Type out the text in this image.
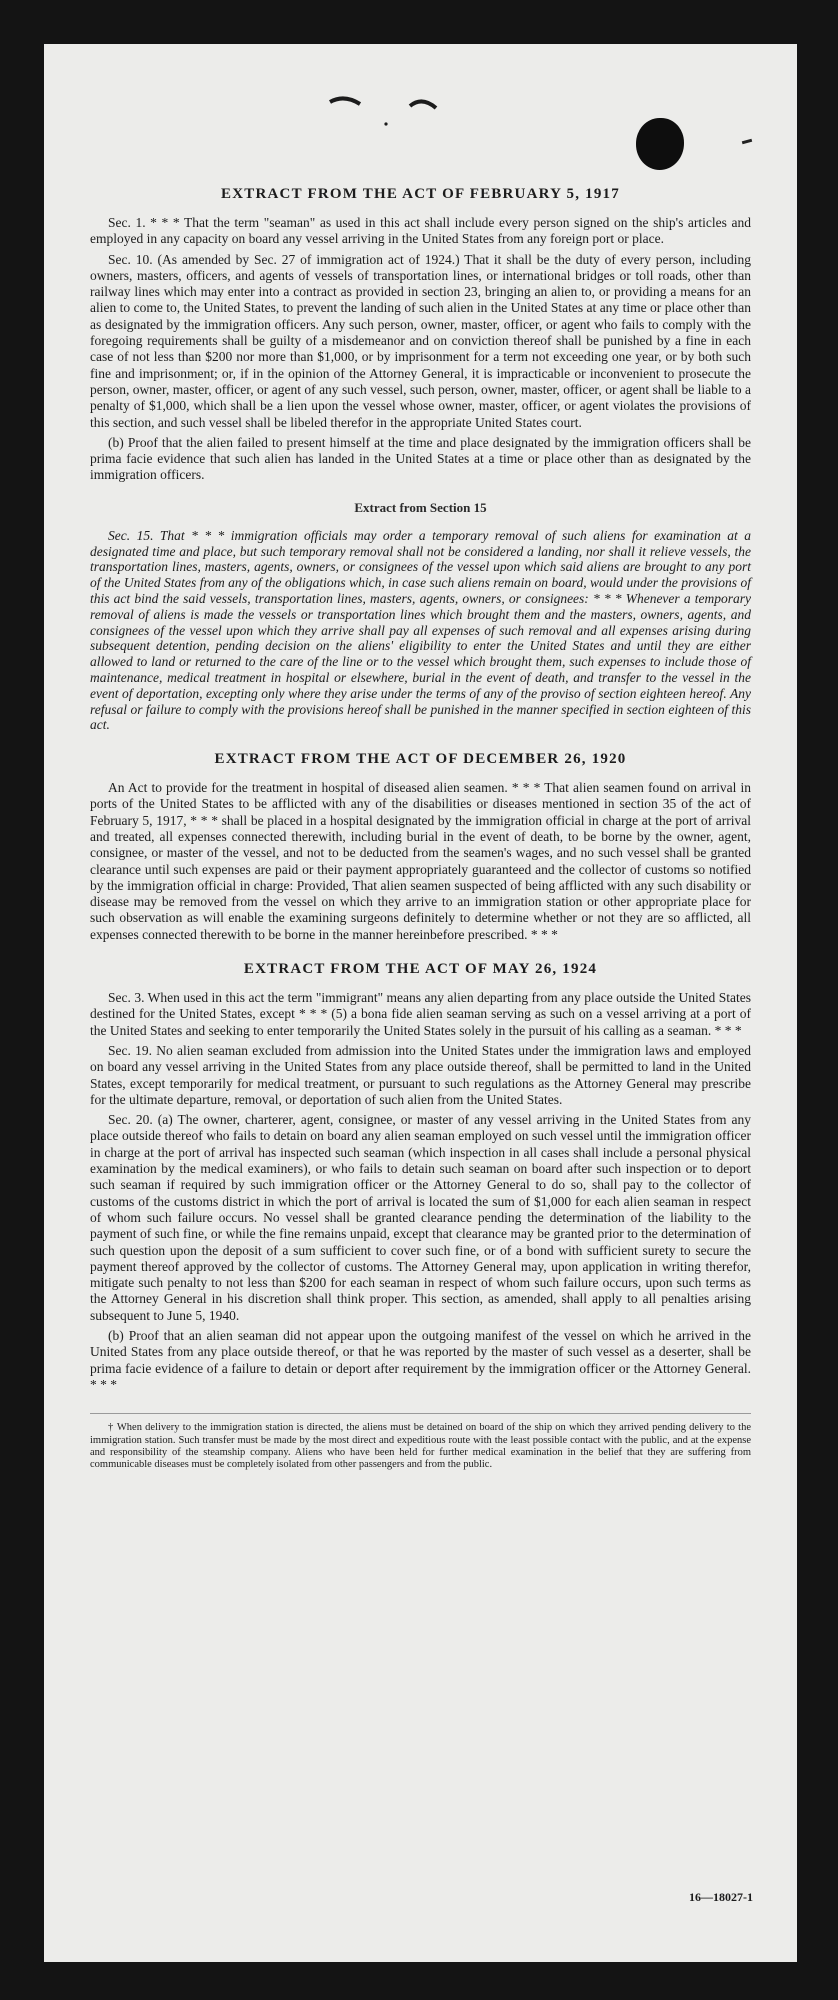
EXTRACT FROM THE ACT OF FEBRUARY 5, 1917

Sec. 1. * * * That the term "seaman" as used in this act shall include every person signed on the ship's articles and employed in any capacity on board any vessel arriving in the United States from any foreign port or place.

Sec. 10. (As amended by Sec. 27 of immigration act of 1924.) That it shall be the duty of every person, including owners, masters, officers, and agents of vessels of transportation lines, or international bridges or toll roads, other than railway lines which may enter into a contract as provided in section 23, bringing an alien to, or providing a means for an alien to come to, the United States, to prevent the landing of such alien in the United States at any time or place other than as designated by the immigration officers. Any such person, owner, master, officer, or agent who fails to comply with the foregoing requirements shall be guilty of a misdemeanor and on conviction thereof shall be punished by a fine in each case of not less than $200 nor more than $1,000, or by imprisonment for a term not exceeding one year, or by both such fine and imprisonment; or, if in the opinion of the Attorney General, it is impracticable or inconvenient to prosecute the person, owner, master, officer, or agent of any such vessel, such person, owner, master, officer, or agent shall be liable to a penalty of $1,000, which shall be a lien upon the vessel whose owner, master, officer, or agent violates the provisions of this section, and such vessel shall be libeled therefor in the appropriate United States court.

(b) Proof that the alien failed to present himself at the time and place designated by the immigration officers shall be prima facie evidence that such alien has landed in the United States at a time or place other than as designated by the immigration officers.

Extract from Section 15

Sec. 15. That * * * immigration officials may order a temporary removal of such aliens for examination at a designated time and place, but such temporary removal shall not be considered a landing, nor shall it relieve vessels, the transportation lines, masters, agents, owners, or consignees of the vessel upon which said aliens are brought to any port of the United States from any of the obligations which, in case such aliens remain on board, would under the provisions of this act bind the said vessels, transportation lines, masters, agents, owners, or consignees: * * * Whenever a temporary removal of aliens is made the vessels or transportation lines which brought them and the masters, owners, agents, and consignees of the vessel upon which they arrive shall pay all expenses of such removal and all expenses arising during subsequent detention, pending decision on the aliens' eligibility to enter the United States and until they are either allowed to land or returned to the care of the line or to the vessel which brought them, such expenses to include those of maintenance, medical treatment in hospital or elsewhere, burial in the event of death, and transfer to the vessel in the event of deportation, excepting only where they arise under the terms of any of the proviso of section eighteen hereof. Any refusal or failure to comply with the provisions hereof shall be punished in the manner specified in section eighteen of this act.

EXTRACT FROM THE ACT OF DECEMBER 26, 1920

An Act to provide for the treatment in hospital of diseased alien seamen. * * * That alien seamen found on arrival in ports of the United States to be afflicted with any of the disabilities or diseases mentioned in section 35 of the act of February 5, 1917, * * * shall be placed in a hospital designated by the immigration official in charge at the port of arrival and treated, all expenses connected therewith, including burial in the event of death, to be borne by the owner, agent, consignee, or master of the vessel, and not to be deducted from the seamen's wages, and no such vessel shall be granted clearance until such expenses are paid or their payment appropriately guaranteed and the collector of customs so notified by the immigration official in charge: Provided, That alien seamen suspected of being afflicted with any such disability or disease may be removed from the vessel on which they arrive to an immigration station or other appropriate place for such observation as will enable the examining surgeons definitely to determine whether or not they are so afflicted, all expenses connected therewith to be borne in the manner hereinbefore prescribed. * * *

EXTRACT FROM THE ACT OF MAY 26, 1924

Sec. 3. When used in this act the term "immigrant" means any alien departing from any place outside the United States destined for the United States, except * * * (5) a bona fide alien seaman serving as such on a vessel arriving at a port of the United States and seeking to enter temporarily the United States solely in the pursuit of his calling as a seaman. * * *

Sec. 19. No alien seaman excluded from admission into the United States under the immigration laws and employed on board any vessel arriving in the United States from any place outside thereof, shall be permitted to land in the United States, except temporarily for medical treatment, or pursuant to such regulations as the Attorney General may prescribe for the ultimate departure, removal, or deportation of such alien from the United States.

Sec. 20. (a) The owner, charterer, agent, consignee, or master of any vessel arriving in the United States from any place outside thereof who fails to detain on board any alien seaman employed on such vessel until the immigration officer in charge at the port of arrival has inspected such seaman (which inspection in all cases shall include a personal physical examination by the medical examiners), or who fails to detain such seaman on board after such inspection or to deport such seaman if required by such immigration officer or the Attorney General to do so, shall pay to the collector of customs of the customs district in which the port of arrival is located the sum of $1,000 for each alien seaman in respect of whom such failure occurs. No vessel shall be granted clearance pending the determination of the liability to the payment of such fine, or while the fine remains unpaid, except that clearance may be granted prior to the determination of such question upon the deposit of a sum sufficient to cover such fine, or of a bond with sufficient surety to secure the payment thereof approved by the collector of customs. The Attorney General may, upon application in writing therefor, mitigate such penalty to not less than $200 for each seaman in respect of whom such failure occurs, upon such terms as the Attorney General in his discretion shall think proper. This section, as amended, shall apply to all penalties arising subsequent to June 5, 1940.

(b) Proof that an alien seaman did not appear upon the outgoing manifest of the vessel on which he arrived in the United States from any place outside thereof, or that he was reported by the master of such vessel as a deserter, shall be prima facie evidence of a failure to detain or deport after requirement by the immigration officer or the Attorney General. * * *

† When delivery to the immigration station is directed, the aliens must be detained on board of the ship on which they arrived pending delivery to the immigration station. Such transfer must be made by the most direct and expeditious route with the least possible contact with the public, and at the expense and responsibility of the steamship company. Aliens who have been held for further medical examination in the belief that they are suffering from communicable diseases must be completely isolated from other passengers and from the public.

16—18027-1
